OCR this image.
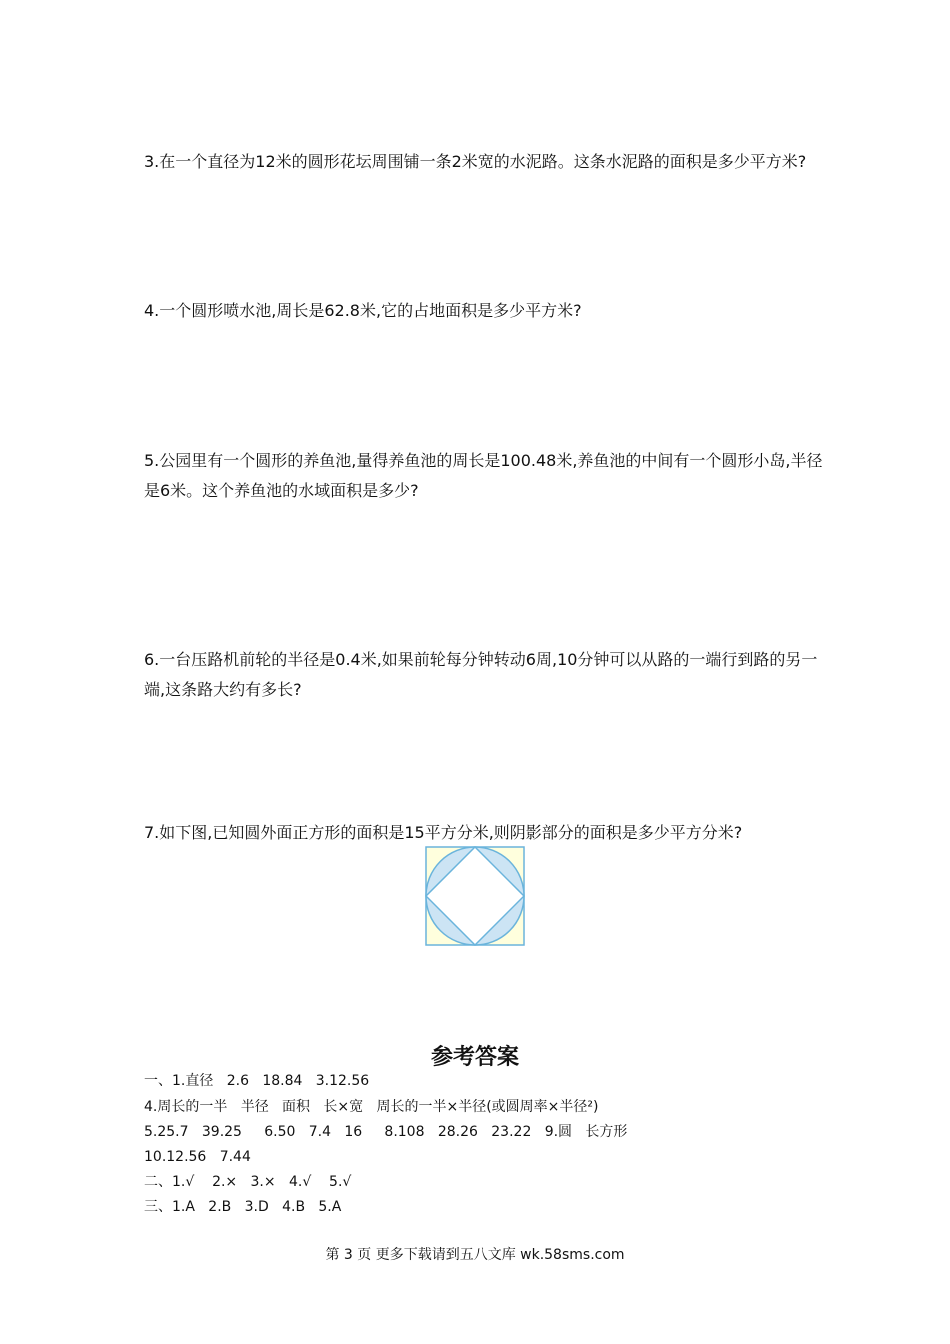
3.在一个直径为12米的圆形花坛周围铺一条2米宽的水泥路。这条水泥路的面积是多少平方米?
4.一个圆形喷水池,周长是62.8米,它的占地面积是多少平方米?
5.公园里有一个圆形的养鱼池,量得养鱼池的周长是100.48米,养鱼池的中间有一个圆形小岛,半径是6米。这个养鱼池的水域面积是多少?
6.一台压路机前轮的半径是0.4米,如果前轮每分钟转动6周,10分钟可以从路的一端行到路的另一端,这条路大约有多长?
7.如下图,已知圆外面正方形的面积是15平方分米,则阴影部分的面积是多少平方分米?
参考答案
一、1.直径   2.6   18.84   3.12.56
4.周长的一半   半径   面积   长×宽   周长的一半×半径(或圆周率×半径²)
5.25.7   39.25     6.50   7.4   16     8.108   28.26   23.22   9.圆   长方形
10.12.56   7.44
二、1.√    2.×   3.×   4.√    5.√
三、1.A   2.B   3.D   4.B   5.A
第 3 页 更多下载请到五八文库 wk.58sms.com
